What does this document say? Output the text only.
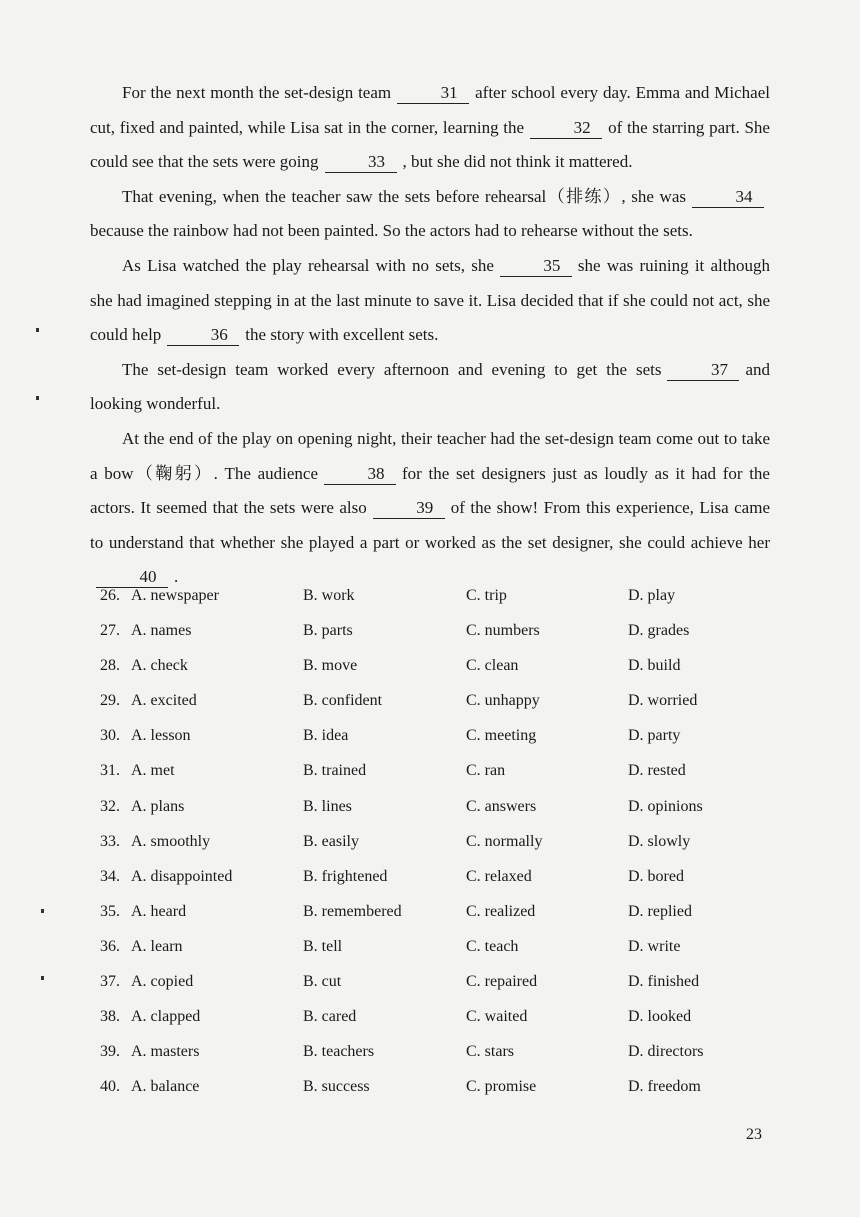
For the next month the set-design team	31 after school every day. Emma and Michael cut, fixed and painted, while Lisa sat in the corner, learning the	32 of the starring part. She could see that the sets were going	33 , but she did not think it mattered.

That evening, when the teacher saw the sets before rehearsal（排练）, she was	34because the rainbow had not been painted. So the actors had to rehearse without the sets.

As Lisa watched the play rehearsal with no sets, she	35 she was ruining it although she had imagined stepping in at the last minute to save it. Lisa decided that if she could not act, she could help	36 the story with excellent sets.

The set-design team worked every afternoon and evening to get the sets	37 and looking wonderful.

At the end of the play on opening night, their teacher had the set-design team come out to take a bow（鞠躬）. The audience	38 for the set designers just as loudly as it had for the actors. It seemed that the sets were also	39 of the show! From this experience, Lisa came to understand that whether she played a part or worked as the set designer, she could achieve her40 .

26. A. newspaper	B. work	C. trip	D. play
27. A. names	B. parts	C. numbers	D. grades
28. A. check	B. move	C. clean	D. build
29. A. excited	B. confident	C. unhappy	D. worried
30. A. lesson	B. idea	C. meeting	D. party
31. A. met	B. trained	C. ran	D. rested
32. A. plans	B. lines	C. answers	D. opinions
33. A. smoothly	B. easily	C. normally	D. slowly
34. A. disappointed	B. frightened	C. relaxed	D. bored
35. A. heard	B. remembered	C. realized	D. replied
36. A. learn	B. tell	C. teach	D. write
37. A. copied	B. cut	C. repaired	D. finished
38. A. clapped	B. cared	C. waited	D. looked
39. A. masters	B. teachers	C. stars	D. directors
40. A. balance	B. success	C. promise	D. freedom
23
